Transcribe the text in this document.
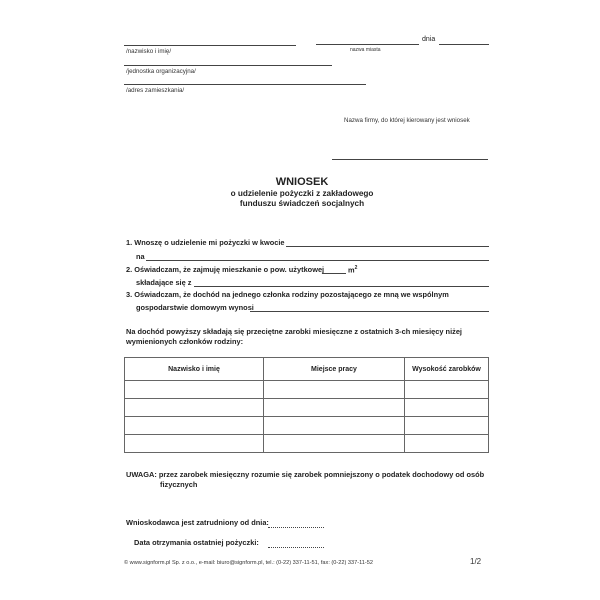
/nazwisko i imię/	nazwa miasta
dnia
/jednostka organizacyjna/
/adres zamieszkania/
Nazwa firmy, do której kierowany jest wniosek
WNIOSEK
o udzielenie pożyczki z zakładowego
funduszu świadczeń socjalnych
1. Wnoszę o udzielenie mi pożyczki w kwocie
na
2. Oświadczam, że zajmuję mieszkanie o pow. użytkowej	$m^2$
składające się z
3. Oświadczam, że dochód na jednego członka rodziny pozostającego ze mną we wspólnym
gospodarstwie domowym wynosi
Na dochód powyższy składają się przeciętne zarobki miesięczne z ostatnich 3-ch miesięcy niżej
wymienionych członków rodziny:
Nazwisko i imię	Miejsce pracy	Wysokość zarobków

UWAGA: przez zarobek miesięczny rozumie się zarobek pomniejszony o podatek dochodowy od osób
fizycznych
Wnioskodawca jest zatrudniony od dnia:
Data otrzymania ostatniej pożyczki:
© www.signform.pl Sp. z o.o., e-mail: biuro@signform.pl, tel.: (0-22) 337-11-51, fax: (0-22) 337-11-52	1/2
